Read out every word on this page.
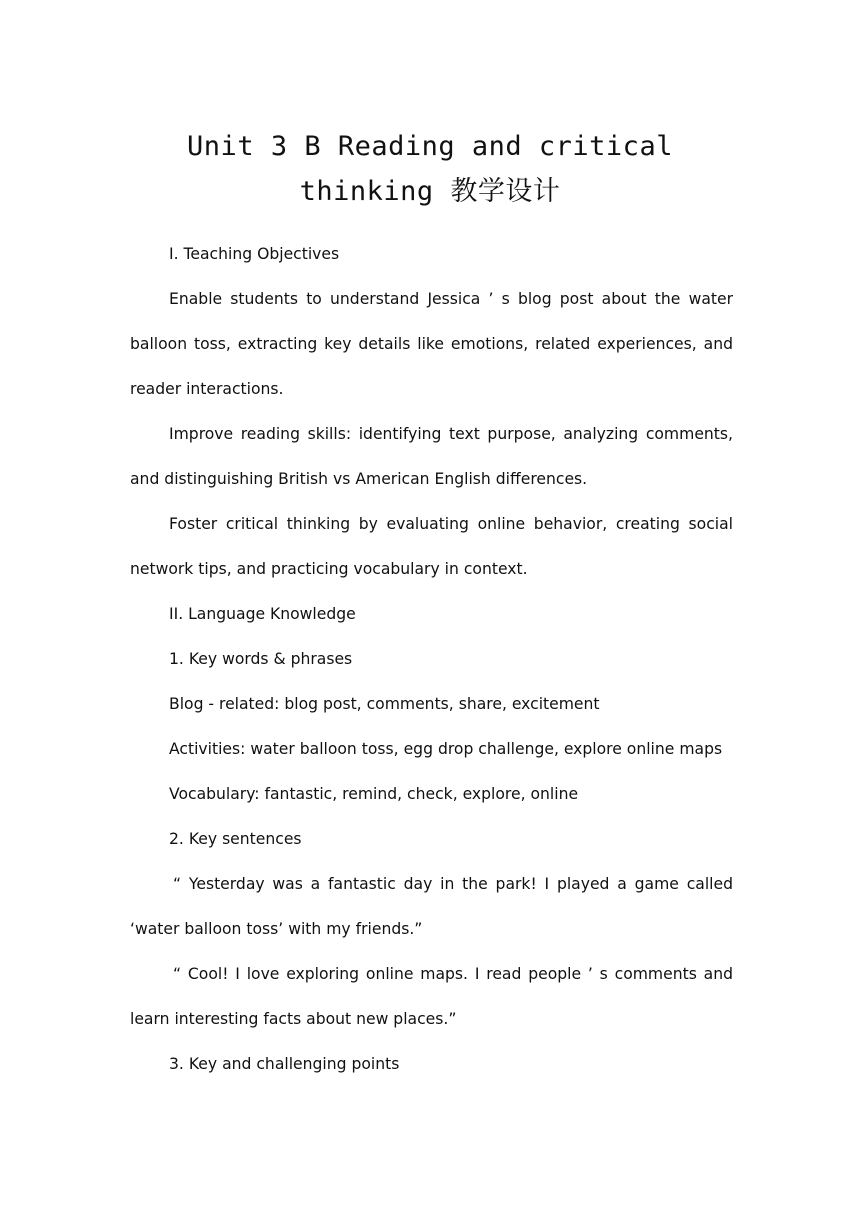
Unit 3 B Reading and critical thinking 教学设计

I. Teaching Objectives

Enable students to understand Jessica ’ s blog post about the water balloon toss, extracting key details like emotions, related experiences, and reader interactions.

Improve reading skills: identifying text purpose, analyzing comments, and distinguishing British vs American English differences.

Foster critical thinking by evaluating online behavior, creating social network tips, and practicing vocabulary in context.

II. Language Knowledge

1. Key words & phrases

Blog - related: blog post, comments, share, excitement

Activities: water balloon toss, egg drop challenge, explore online maps

Vocabulary: fantastic, remind, check, explore, online

2. Key sentences

“ Yesterday was a fantastic day in the park! I played a game called ‘water balloon toss’ with my friends.”

“ Cool! I love exploring online maps. I read people ’ s comments and learn interesting facts about new places.”

3. Key and challenging points
